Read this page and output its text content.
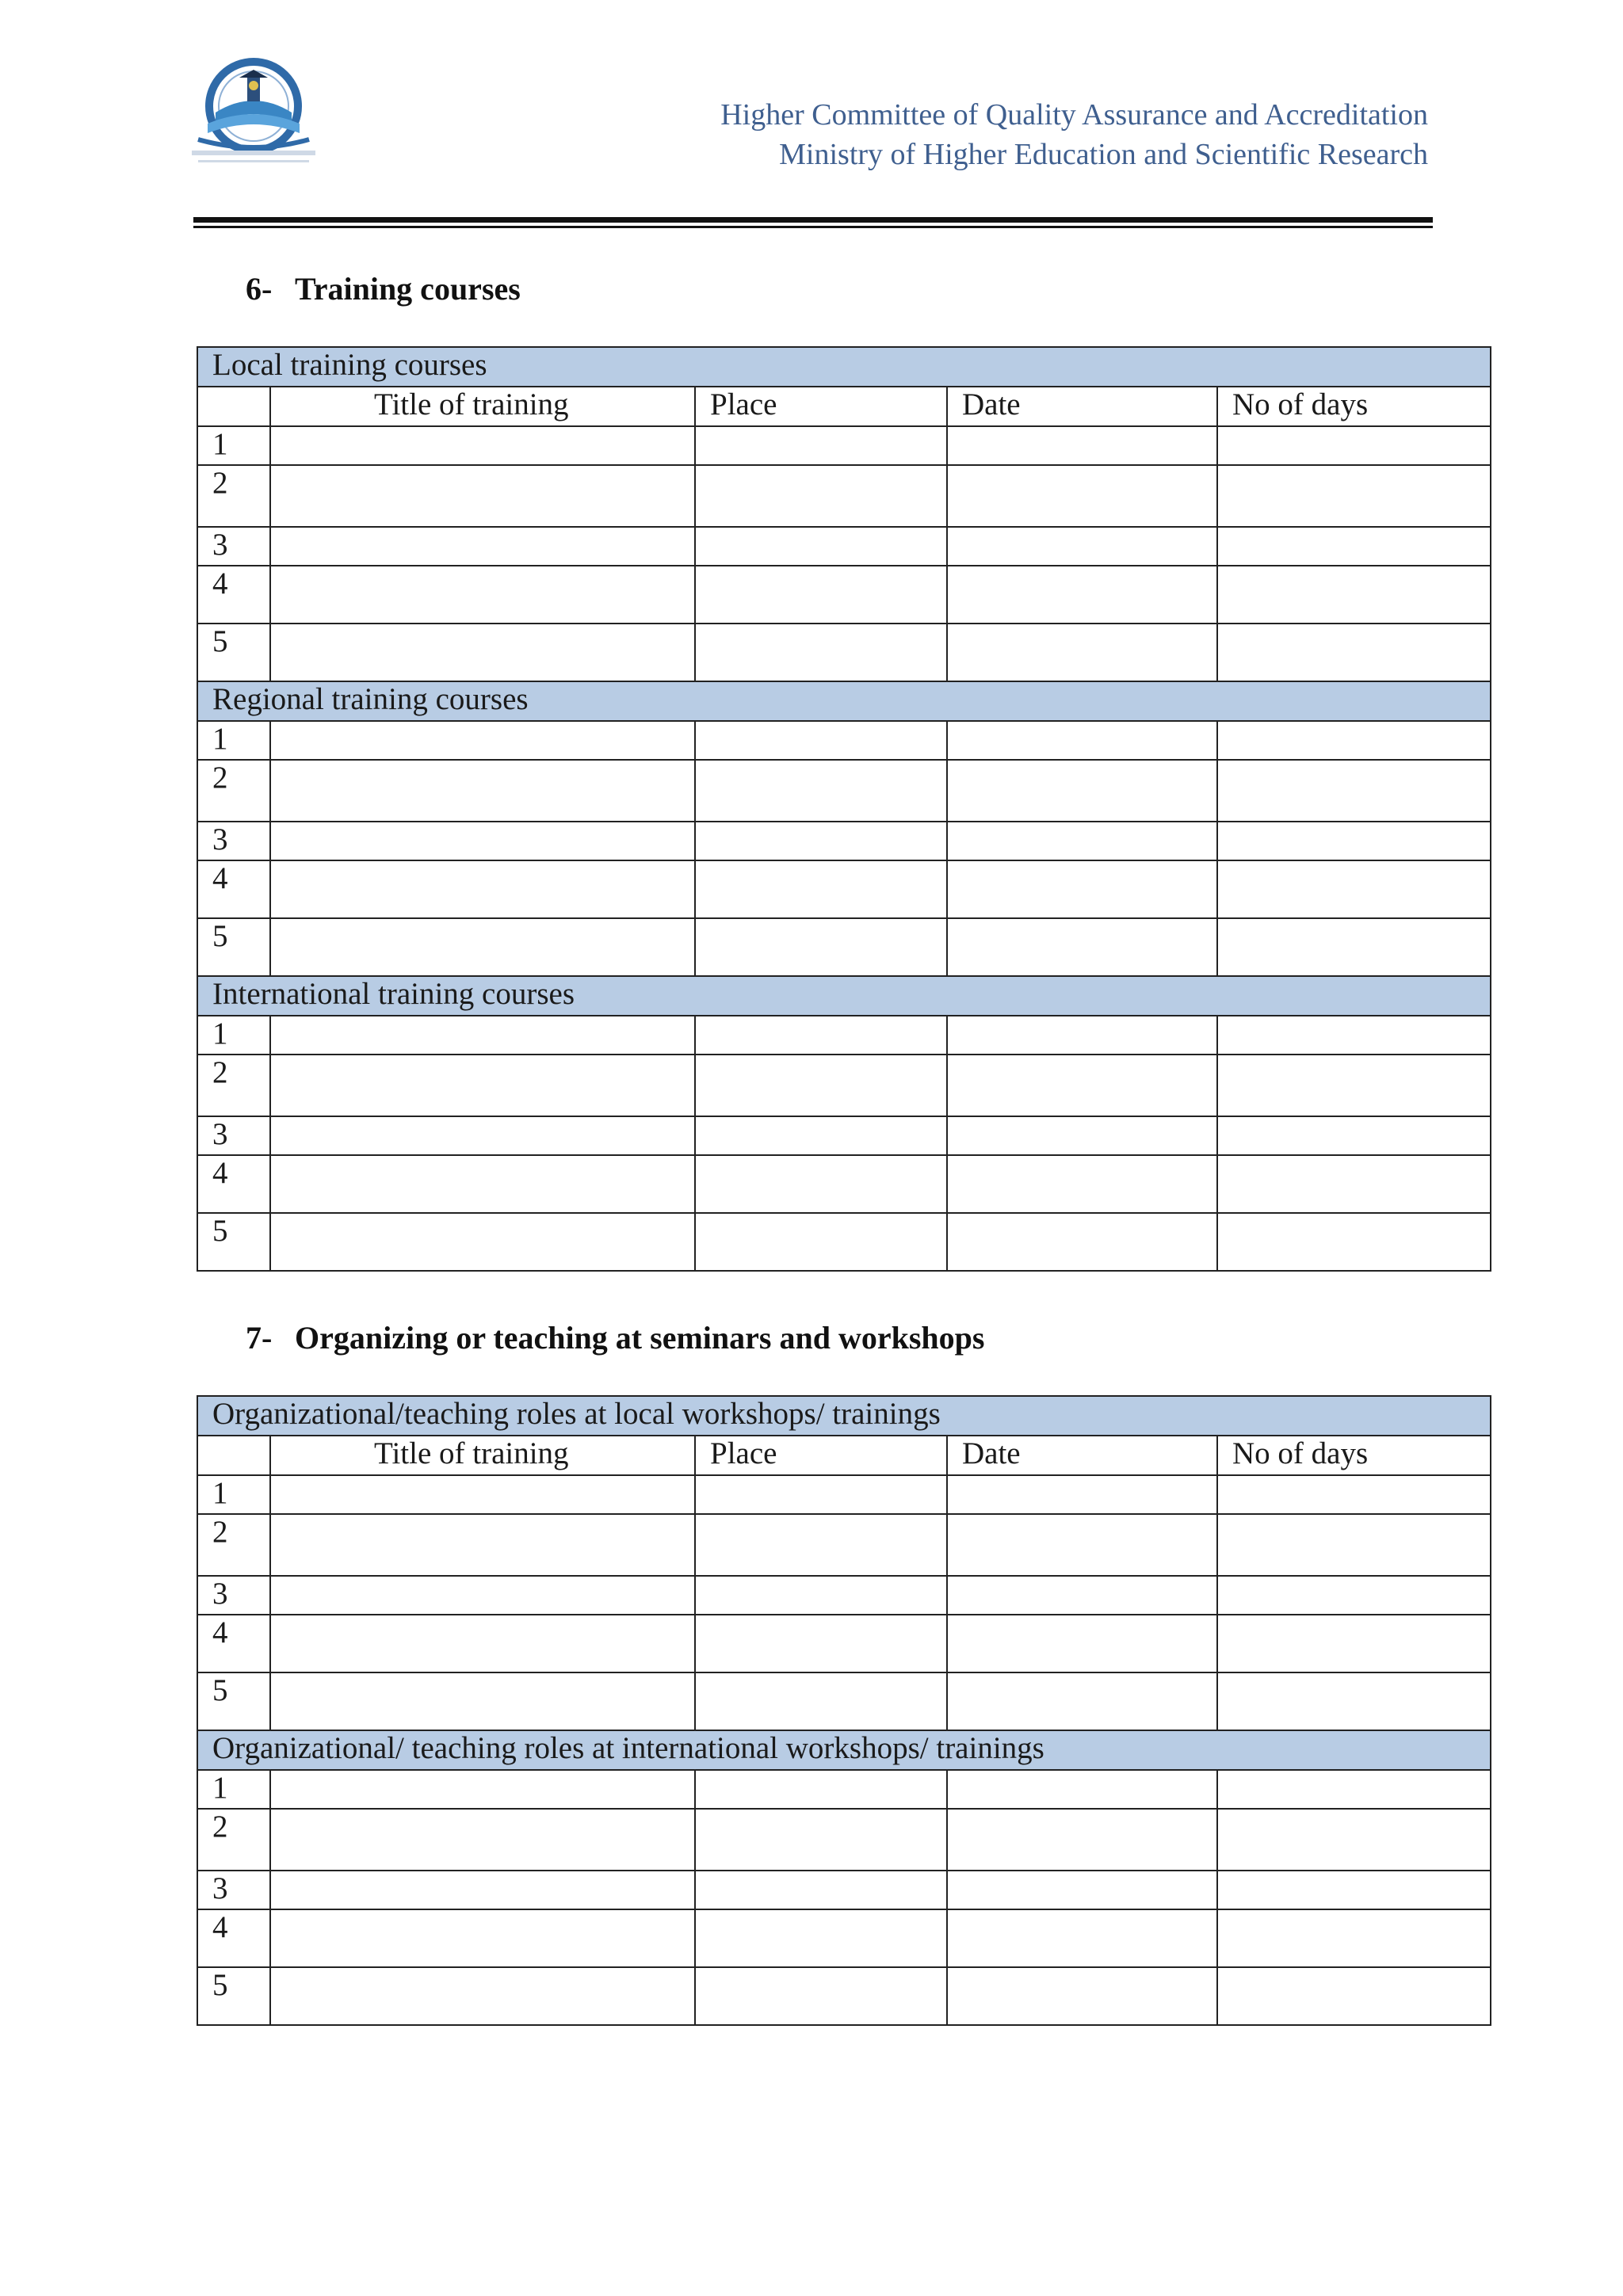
Higher Committee of Quality Assurance and Accreditation
Ministry of Higher Education and Scientific Research
6- Training courses
Local training courses				
	Title of training	Place	Date	No of days
1				
2				
3				
4				
5				
Regional training courses				
1				
2				
3				
4				
5				
International training courses				
1				
2				
3				
4				
5				
7- Organizing or teaching at seminars and workshops
Organizational/teaching roles at local workshops/ trainings				
	Title of training	Place	Date	No of days
1				
2				
3				
4				
5				
Organizational/ teaching roles at international workshops/ trainings				
1				
2				
3				
4				
5				
